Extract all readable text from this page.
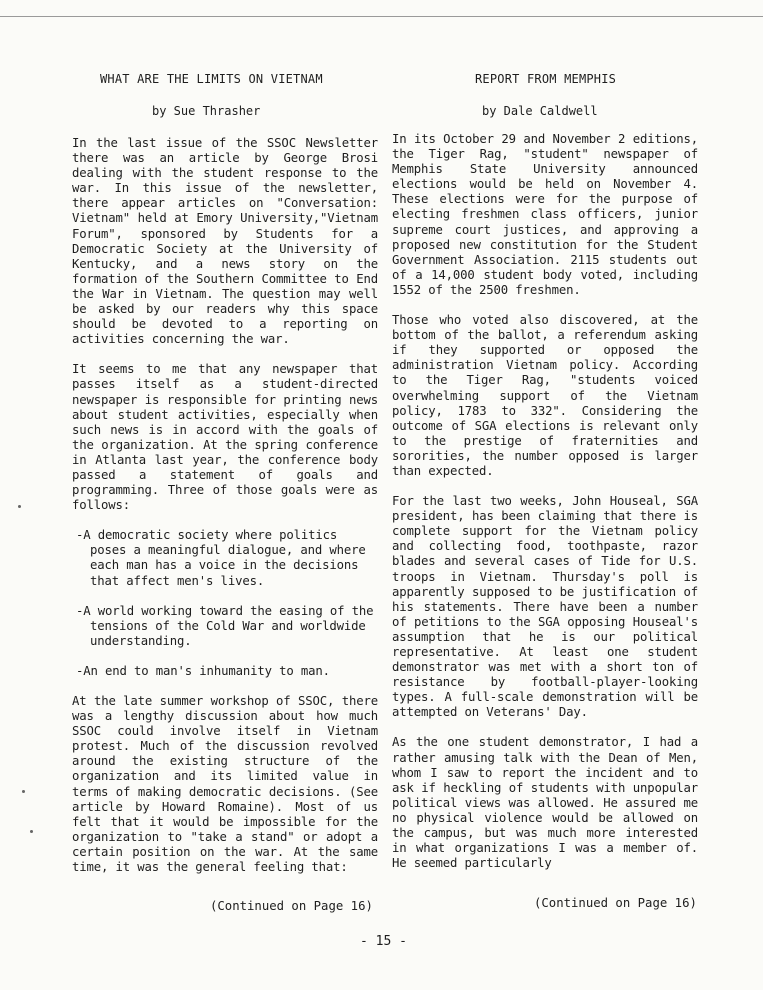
WHAT ARE THE LIMITS ON VIETNAM
by Sue Thrasher
REPORT FROM MEMPHIS
by Dale Caldwell

In the last issue of the SSOC Newsletter there was an article by George Brosi dealing with the student response to the war. In this issue of the newsletter, there appear articles on "Conversation: Vietnam" held at Emory University,"Vietnam Forum", sponsored by Students for a Democratic Society at the University of Kentucky, and a news story on the formation of the Southern Committee to End the War in Vietnam. The question may well be asked by our readers why this space should be devoted to a reporting on activities concerning the war.

It seems to me that any newspaper that passes itself as a student-directed newspaper is responsible for printing news about student activities, especially when such news is in accord with the goals of the organization. At the spring conference in Atlanta last year, the conference body passed a statement of goals and programming. Three of those goals were as follows:

-A democratic society where politics poses a meaningful dialogue, and where each man has a voice in the decisions that affect men's lives.
-A world working toward the easing of the tensions of the Cold War and worldwide understanding.
-An end to man's inhumanity to man.

At the late summer workshop of SSOC, there was a lengthy discussion about how much SSOC could involve itself in Vietnam protest. Much of the discussion revolved around the existing structure of the organization and its limited value in terms of making democratic decisions. (See article by Howard Romaine). Most of us felt that it would be impossible for the organization to "take a stand" or adopt a certain position on the war. At the same time, it was the general feeling that:

In its October 29 and November 2 editions, the Tiger Rag, "student" newspaper of Memphis State University announced elections would be held on November 4. These elections were for the purpose of electing freshmen class officers, junior supreme court justices, and approving a proposed new constitution for the Student Government Association. 2115 students out of a 14,000 student body voted, including 1552 of the 2500 freshmen.

Those who voted also discovered, at the bottom of the ballot, a referendum asking if they supported or opposed the administration Vietnam policy. According to the Tiger Rag, "students voiced overwhelming support of the Vietnam policy, 1783 to 332". Considering the outcome of SGA elections is relevant only to the prestige of fraternities and sororities, the number opposed is larger than expected.

For the last two weeks, John Houseal, SGA president, has been claiming that there is complete support for the Vietnam policy and collecting food, toothpaste, razor blades and several cases of Tide for U.S. troops in Vietnam. Thursday's poll is apparently supposed to be justification of his statements. There have been a number of petitions to the SGA opposing Houseal's assumption that he is our political representative. At least one student demonstrator was met with a short ton of resistance by football-player-looking types. A full-scale demonstration will be attempted on Veterans' Day.

As the one student demonstrator, I had a rather amusing talk with the Dean of Men, whom I saw to report the incident and to ask if heckling of students with unpopular political views was allowed. He assured me no physical violence would be allowed on the campus, but was much more interested in what organizations I was a member of. He seemed particularly

(Continued on Page 16)	(Continued on Page 16)
- 15 -
